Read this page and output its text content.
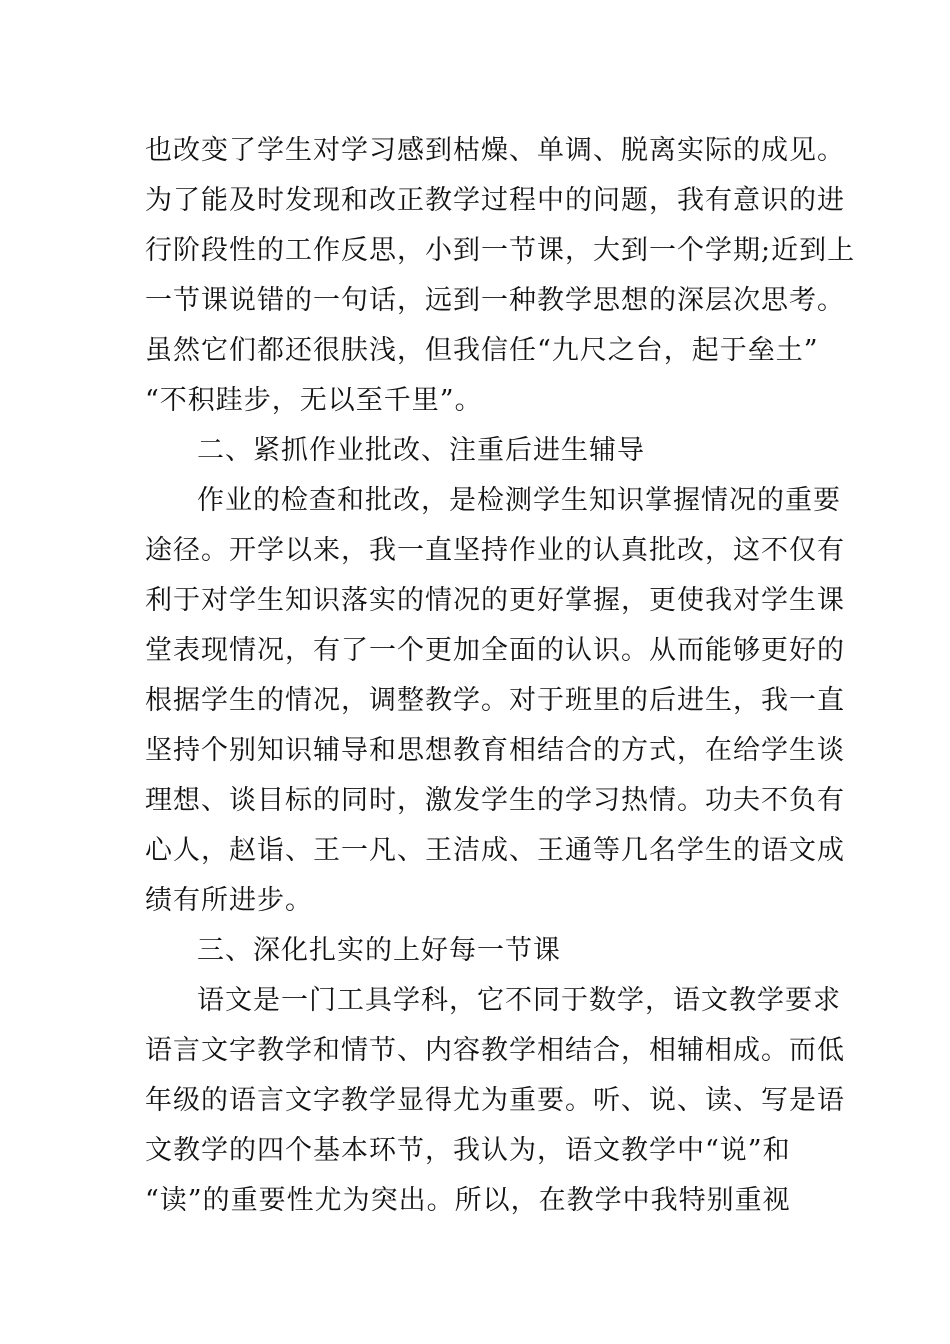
也改变了学生对学习感到枯燥、单调、脱离实际的成见。
为了能及时发现和改正教学过程中的问题，我有意识的进
行阶段性的工作反思，小到一节课，大到一个学期;近到上
一节课说错的一句话，远到一种教学思想的深层次思考。
虽然它们都还很肤浅，但我信任“九尺之台，起于垒土”
“不积跬步，无以至千里”。
二、紧抓作业批改、注重后进生辅导
作业的检查和批改，是检测学生知识掌握情况的重要
途径。开学以来，我一直坚持作业的认真批改，这不仅有
利于对学生知识落实的情况的更好掌握，更使我对学生课
堂表现情况，有了一个更加全面的认识。从而能够更好的
根据学生的情况，调整教学。对于班里的后进生，我一直
坚持个别知识辅导和思想教育相结合的方式，在给学生谈
理想、谈目标的同时，激发学生的学习热情。功夫不负有
心人，赵诣、王一凡、王洁成、王通等几名学生的语文成
绩有所进步。
三、深化扎实的上好每一节课
语文是一门工具学科，它不同于数学，语文教学要求
语言文字教学和情节、内容教学相结合，相辅相成。而低
年级的语言文字教学显得尤为重要。听、说、读、写是语
文教学的四个基本环节，我认为，语文教学中“说”和
“读”的重要性尤为突出。所以，在教学中我特别重视
